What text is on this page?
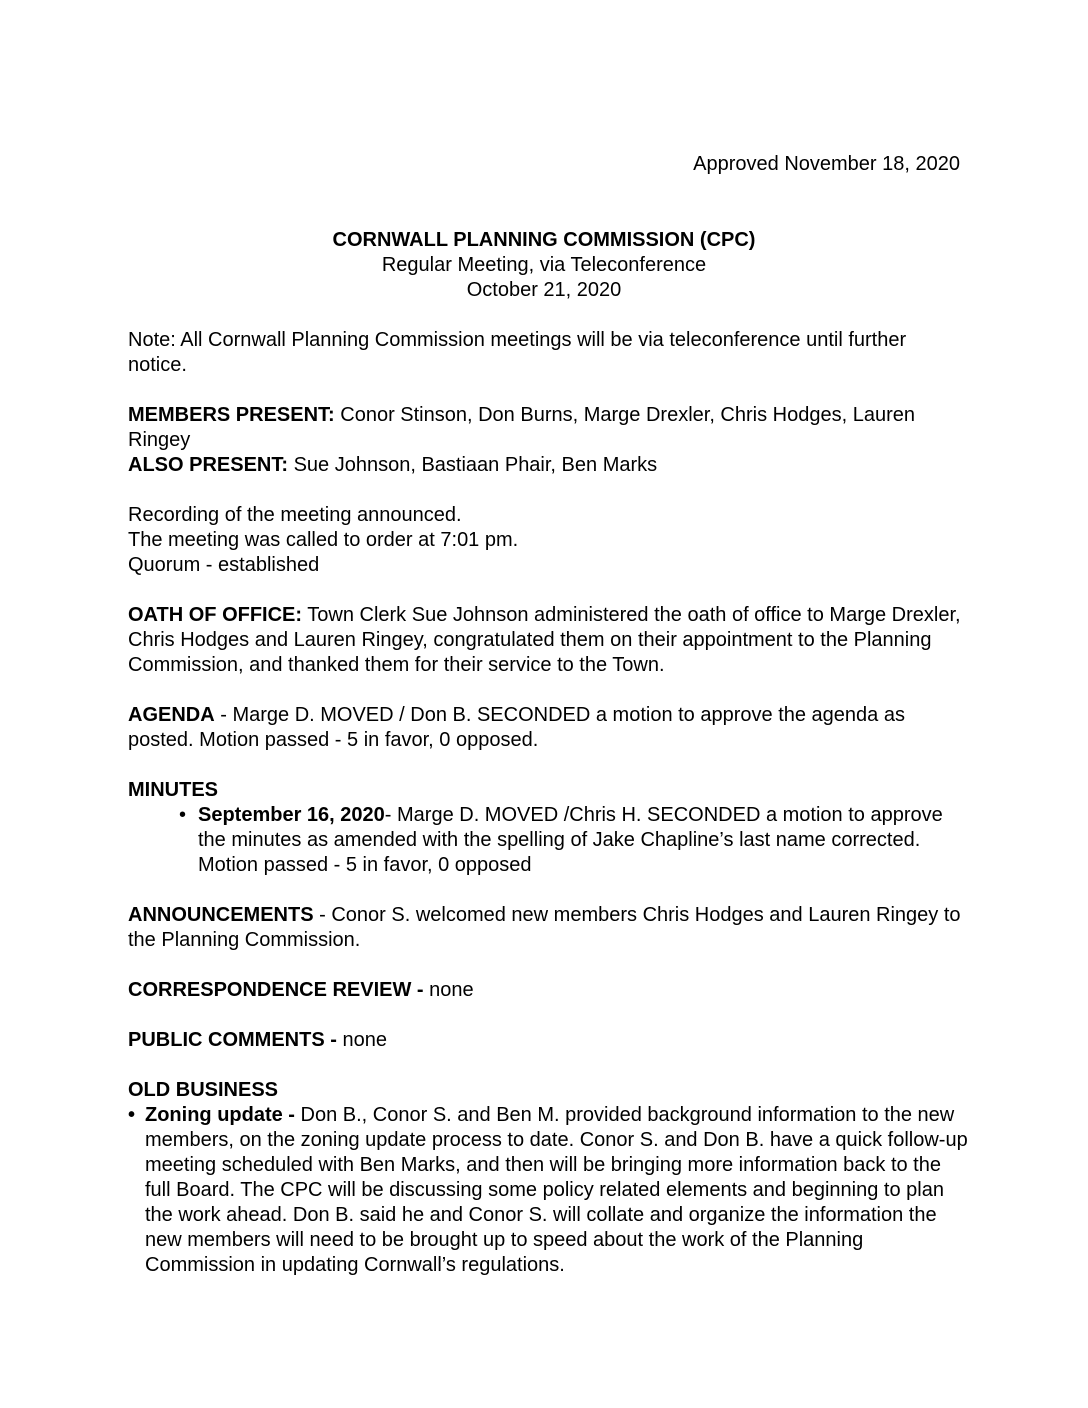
Approved November 18, 2020
CORNWALL PLANNING COMMISSION (CPC)
Regular Meeting, via Teleconference
October 21, 2020

Note: All Cornwall Planning Commission meetings will be via teleconference until further notice.

MEMBERS PRESENT: Conor Stinson, Don Burns, Marge Drexler, Chris Hodges, Lauren Ringey

ALSO PRESENT: Sue Johnson, Bastiaan Phair, Ben Marks

Recording of the meeting announced.

The meeting was called to order at 7:01 pm.

Quorum - established

OATH OF OFFICE: Town Clerk Sue Johnson administered the oath of office to Marge Drexler, Chris Hodges and Lauren Ringey, congratulated them on their appointment to the Planning Commission, and thanked them for their service to the Town.

AGENDA - Marge D. MOVED / Don B. SECONDED a motion to approve the agenda as posted. Motion passed - 5 in favor, 0 opposed.

MINUTES

• September 16, 2020- Marge D. MOVED /Chris H. SECONDED a motion to approve the minutes as amended with the spelling of Jake Chapline’s last name corrected. Motion passed - 5 in favor, 0 opposed

ANNOUNCEMENTS - Conor S. welcomed new members Chris Hodges and Lauren Ringey to the Planning Commission.

CORRESPONDENCE REVIEW - none

PUBLIC COMMENTS - none

OLD BUSINESS

• Zoning update - Don B., Conor S. and Ben M. provided background information to the new members, on the zoning update process to date. Conor S. and Don B. have a quick follow-up meeting scheduled with Ben Marks, and then will be bringing more information back to the full Board. The CPC will be discussing some policy related elements and beginning to plan the work ahead. Don B. said he and Conor S. will collate and organize the information the new members will need to be brought up to speed about the work of the Planning Commission in updating Cornwall’s regulations.
